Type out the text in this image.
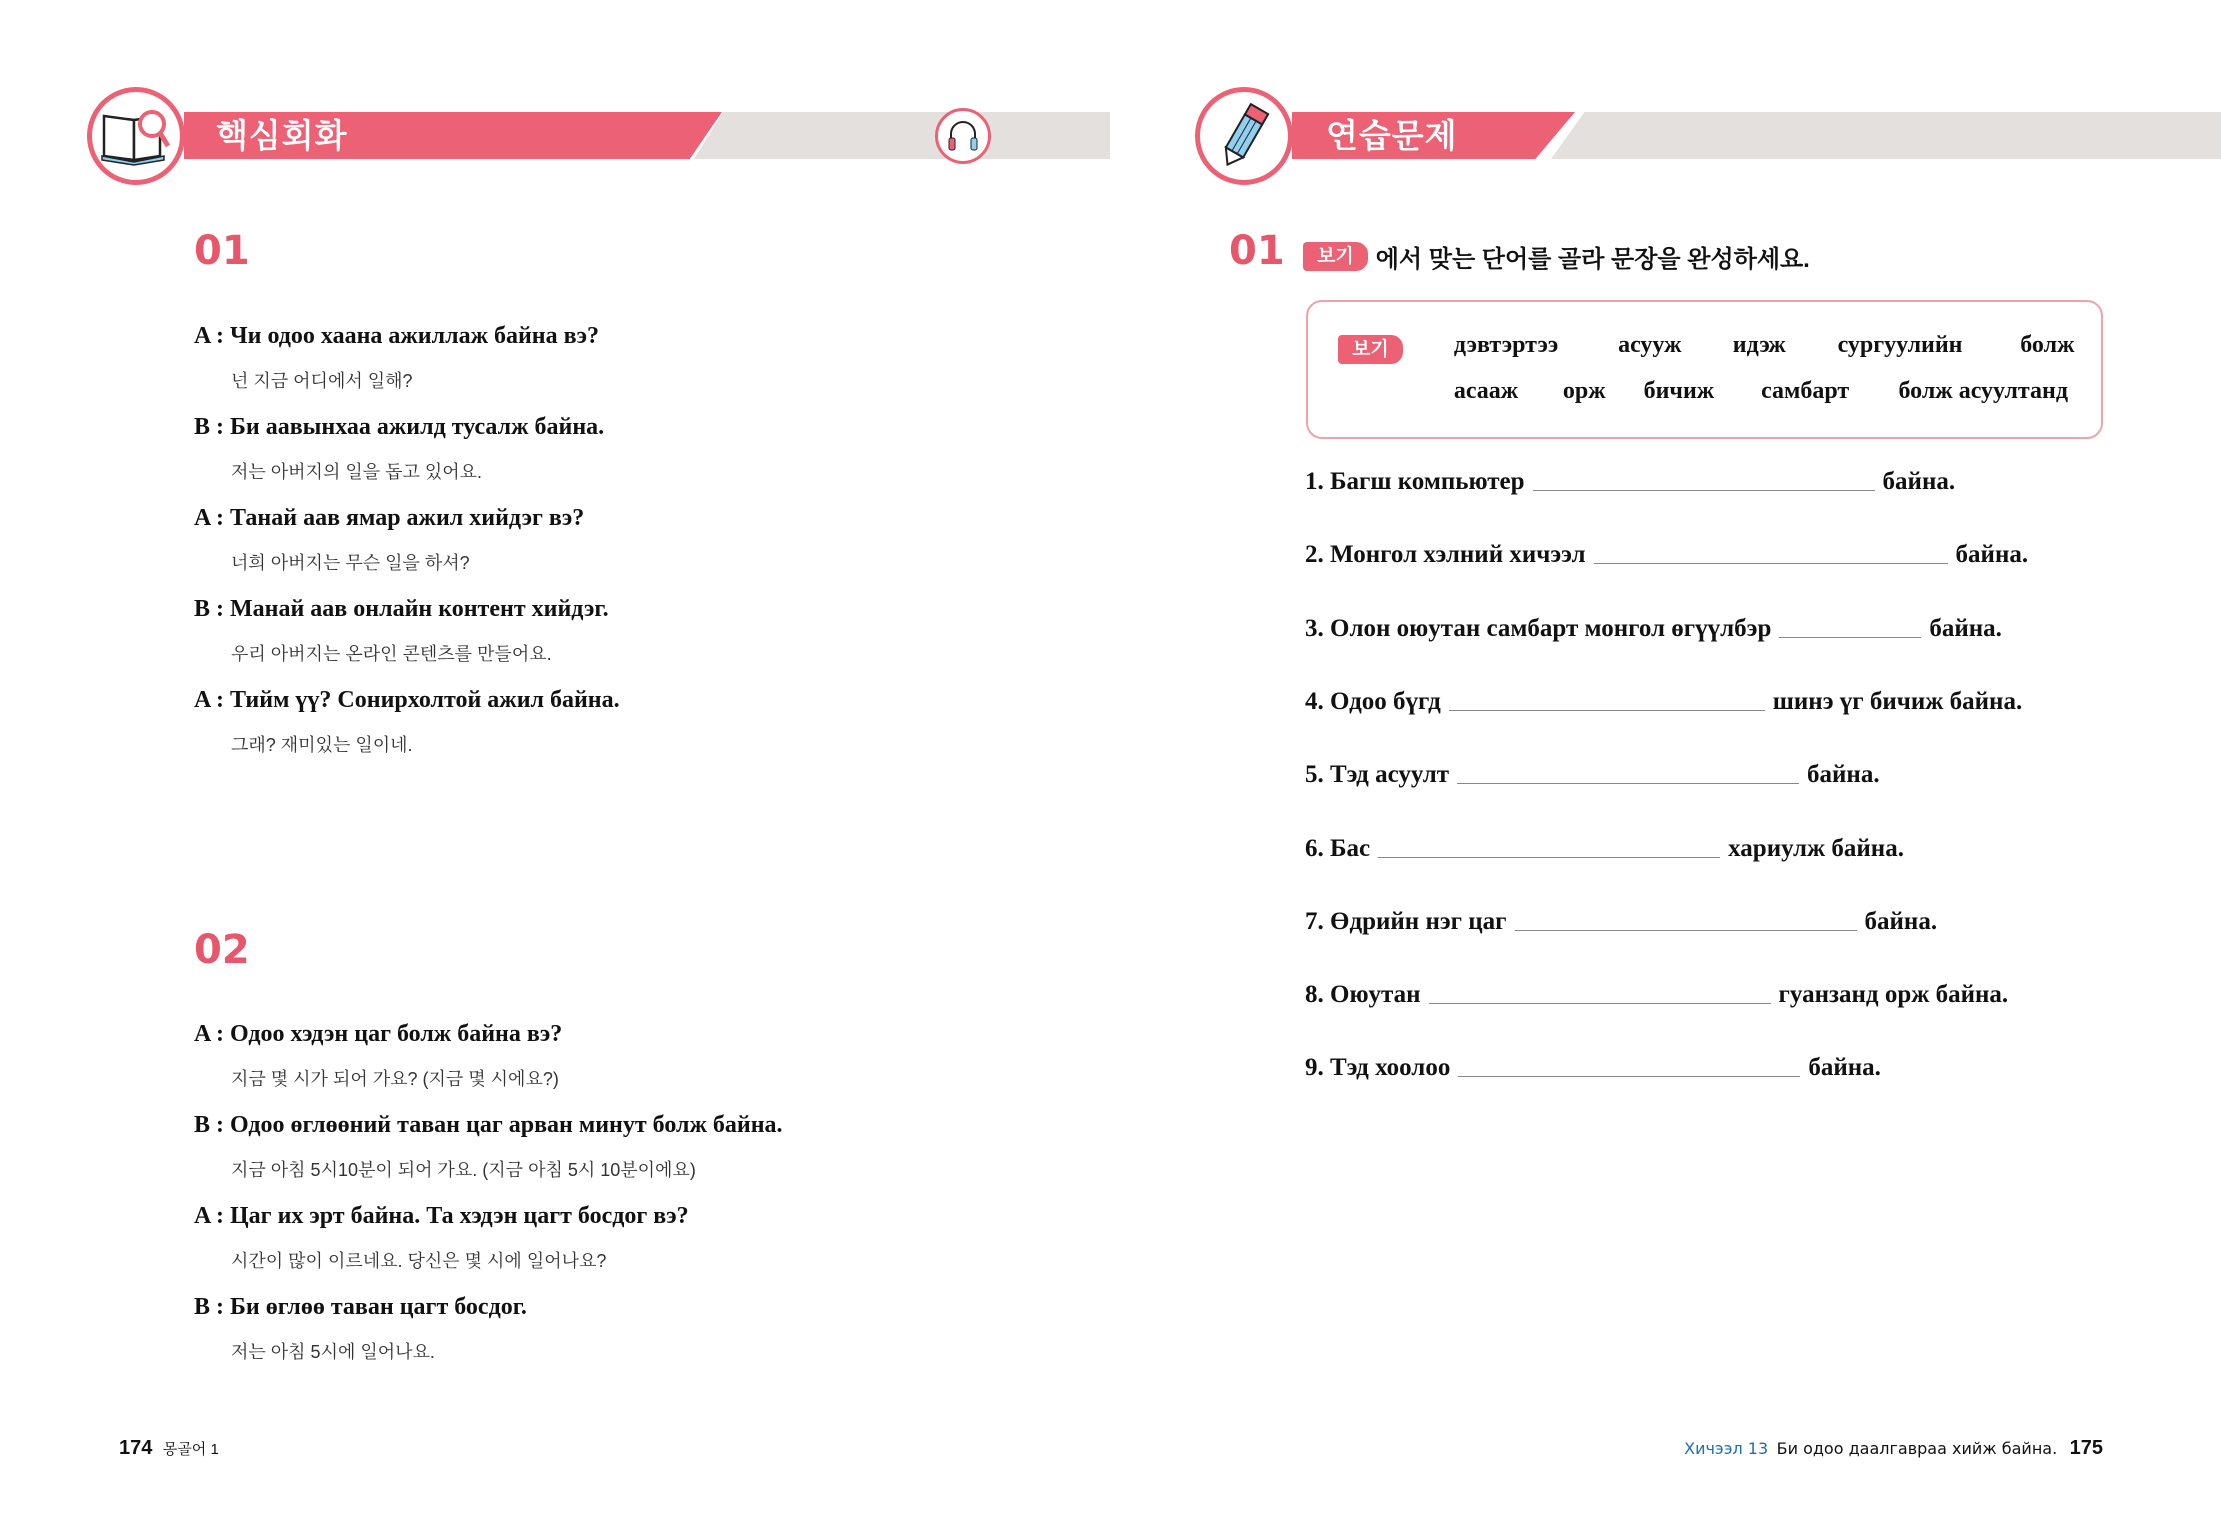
핵심회화	연습문제
01
A : Чи одоо хаана ажиллаж байна вэ?
넌 지금 어디에서 일해?
B : Би аавынхаа ажилд тусалж байна.
저는 아버지의 일을 돕고 있어요.
A : Танай аав ямар ажил хийдэг вэ?
너희 아버지는 무슨 일을 하셔?
B : Манай аав онлайн контент хийдэг.
우리 아버지는 온라인 콘텐츠를 만들어요.
A : Тийм үү? Сонирхолтой ажил байна.
그래? 재미있는 일이네.
02
A : Одоо хэдэн цаг болж байна вэ?
지금 몇 시가 되어 가요? (지금 몇 시에요?)
B : Одоо өглөөний таван цаг арван минут болж байна.
지금 아침 5시10분이 되어 가요. (지금 아침 5시 10분이에요)
A : Цаг их эрт байна. Та хэдэн цагт босдог вэ?
시간이 많이 이르네요. 당신은 몇 시에 일어나요?
B : Би өглөө таван цагт босдог.
저는 아침 5시에 일어나요.
174 몽골어 1
01	보기 에서 맞는 단어를 골라 문장을 완성하세요.
보기	дэвтэртээ асууж идэж сургуулийн болж
асааж орж бичиж самбарт болж асуултанд
1. Багш компьютер	байна.
2. Монгол хэлний хичээл	байна.
3. Олон оюутан самбарт монгол өгүүлбэр	байна.
4. Одоо бүгд	шинэ үг бичиж байна.
5. Тэд асуулт	байна.
6. Бас	хариулж байна.
7. Өдрийн нэг цаг	байна.
8. Оюутан	гуанзанд орж байна.
9. Тэд хоолоо	байна.
Хичээл 13 Би одоо даалгавраа хийж байна. 175
